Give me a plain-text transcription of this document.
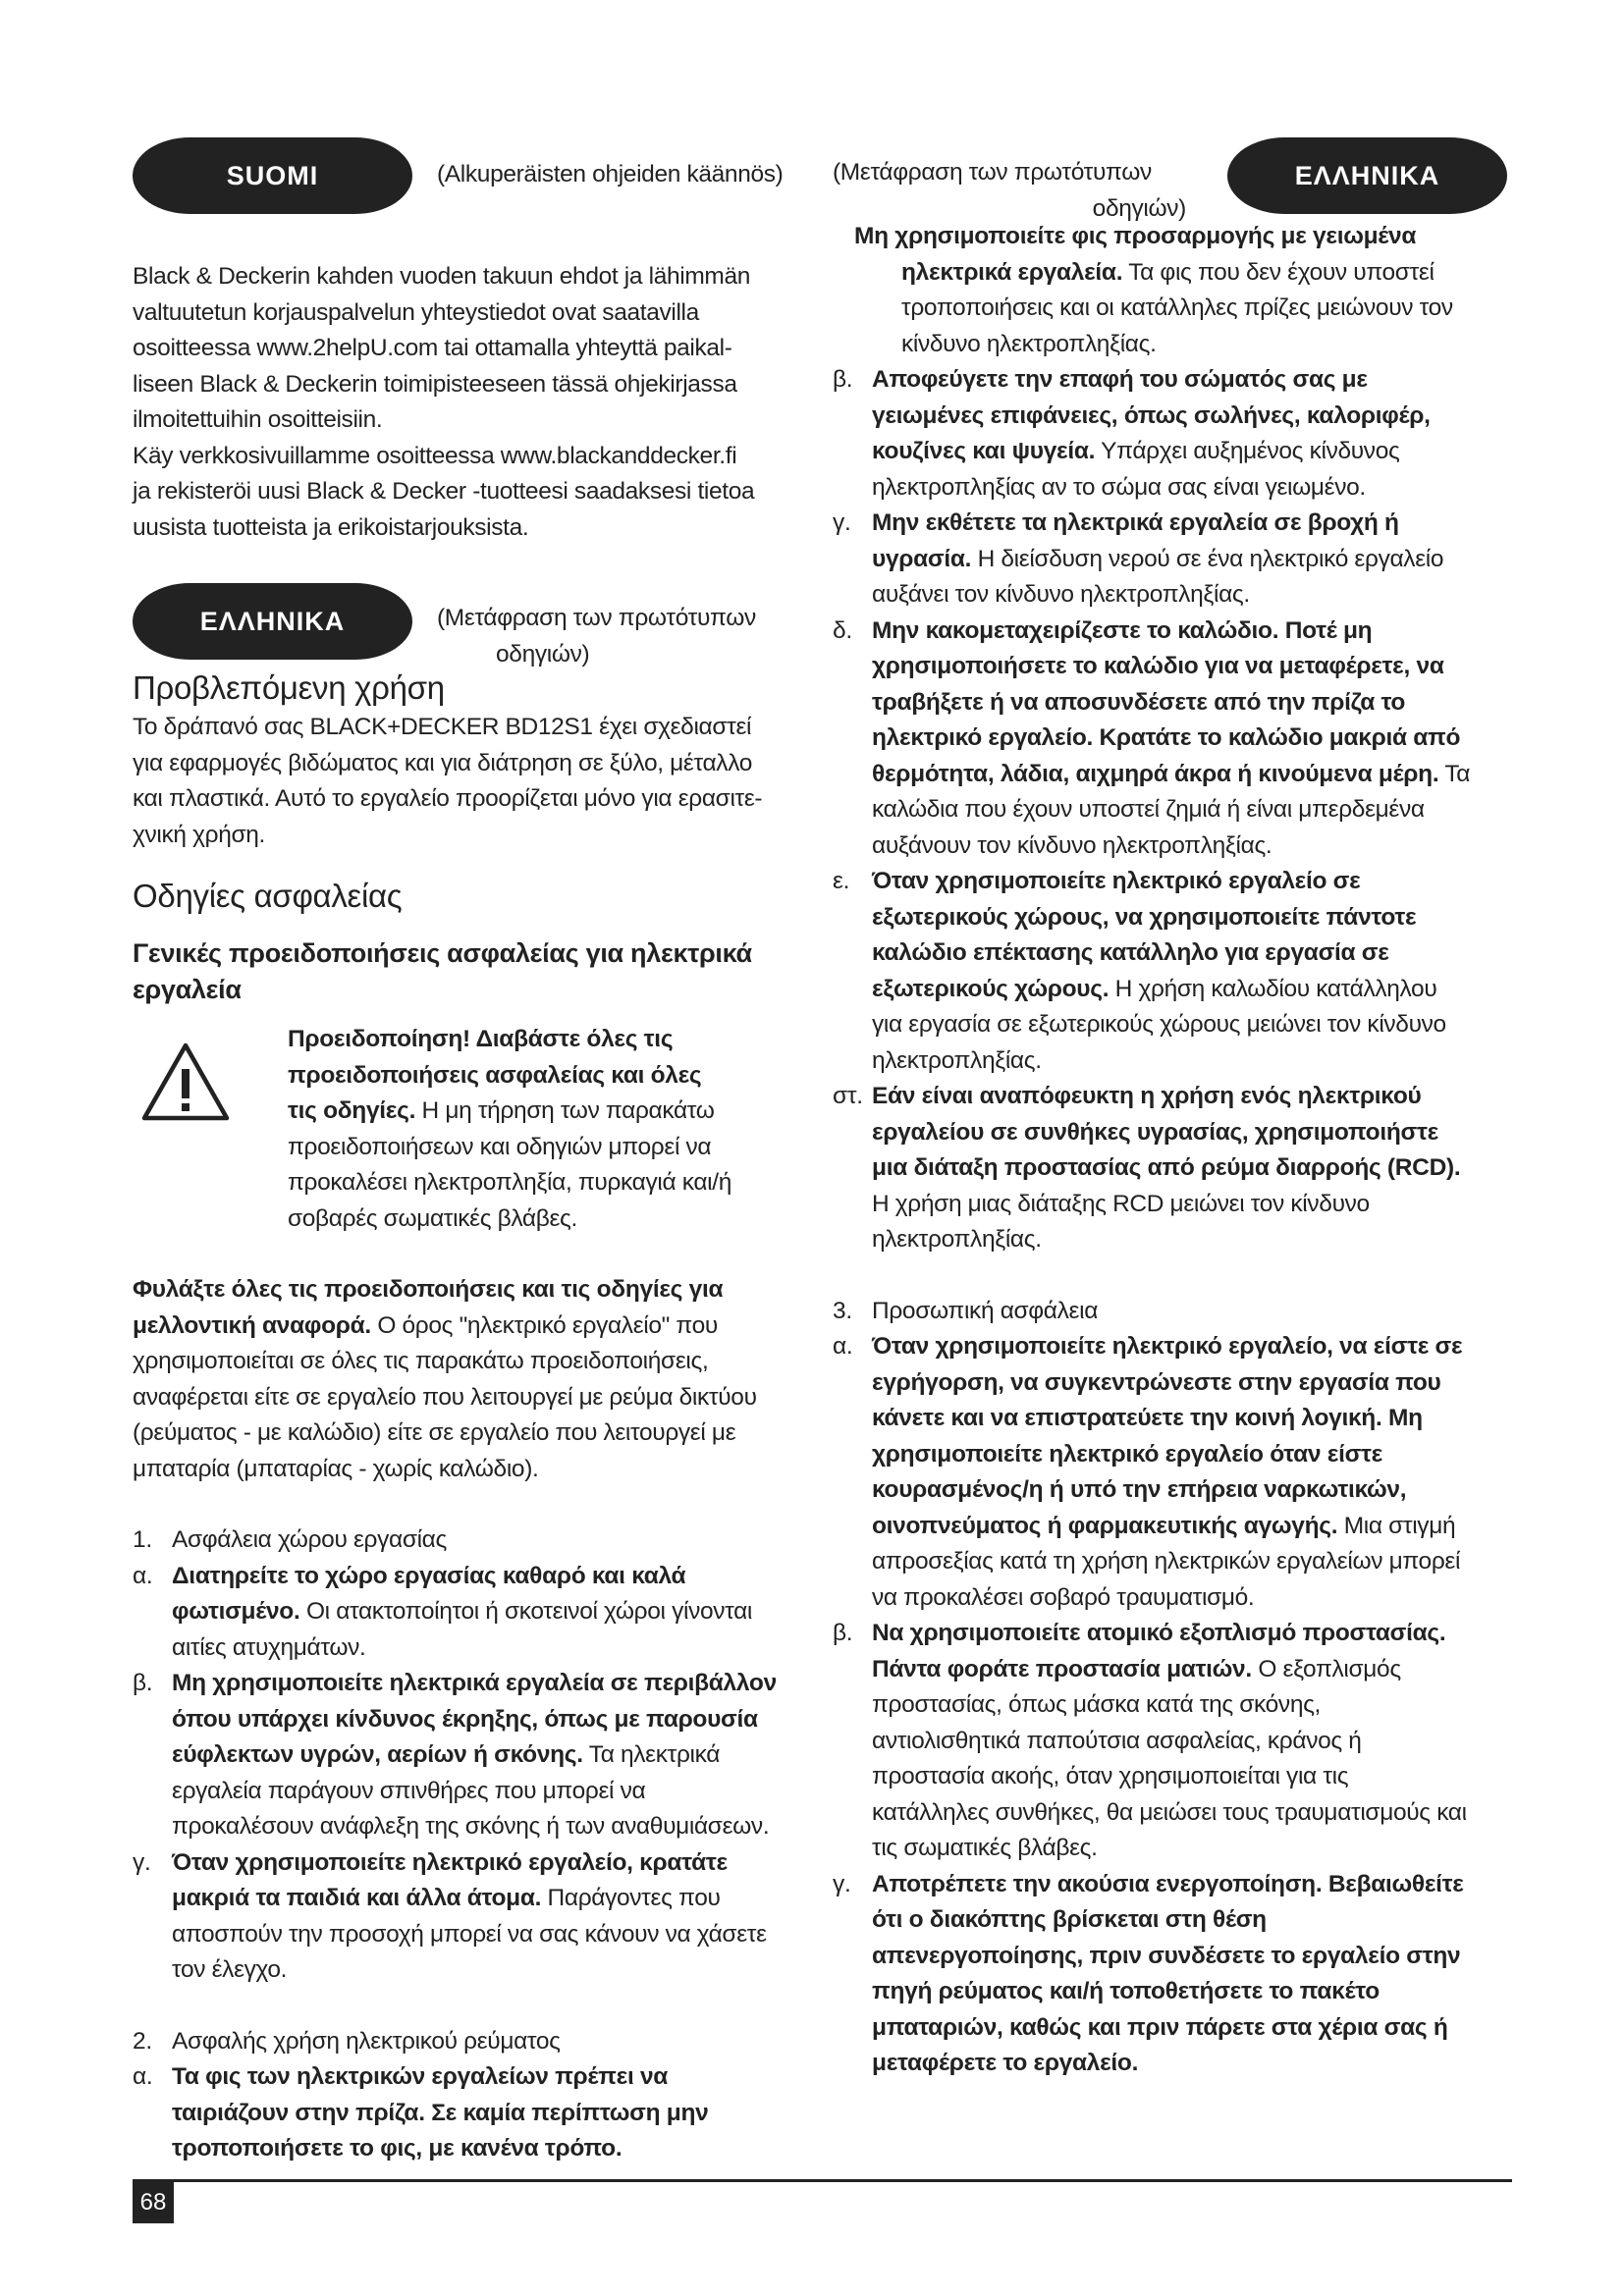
SUOMI	(Alkuperäisten ohjeiden käännös)

Black & Deckerin kahden vuoden takuun ehdot ja lähimmän

valtuutetun korjauspalvelun yhteystiedot ovat saatavilla

osoitteessa www.2helpU.com tai ottamalla yhteyttä paikal-

liseen Black & Deckerin toimipisteeseen tässä ohjekirjassa

ilmoitettuihin osoitteisiin.

Käy verkkosivuillamme osoitteessa www.blackanddecker.fi

ja rekisteröi uusi Black & Decker -tuotteesi saadaksesi tietoa

uusista tuotteista ja erikoistarjouksista.

ΕΛΛΗΝΙΚΑ	(Μετάφραση των πρωτότυπων
οδηγιών)
Προβλεπόμενη χρήση

Το δράπανό σας BLACK+DECKER BD12S1 έχει σχεδιαστεί

για εφαρμογές βιδώματος και για διάτρηση σε ξύλο, μέταλλο

και πλαστικά. Αυτό το εργαλείο προορίζεται μόνο για ερασιτε-

χνική χρήση.

Οδηγίες ασφαλείας
Γενικές προειδοποιήσεις ασφαλείας για ηλεκτρικά
εργαλεία

Προειδοποίηση! Διαβάστε όλες τις

προειδοποιήσεις ασφαλείας και όλες

τις οδηγίες. Η μη τήρηση των παρακάτω

προειδοποιήσεων και οδηγιών μπορεί να

προκαλέσει ηλεκτροπληξία, πυρκαγιά και/ή

σοβαρές σωματικές βλάβες.

Φυλάξτε όλες τις προειδοποιήσεις και τις οδηγίες για

μελλοντική αναφορά. Ο όρος "ηλεκτρικό εργαλείο" που

χρησιμοποιείται σε όλες τις παρακάτω προειδοποιήσεις,

αναφέρεται είτε σε εργαλείο που λειτουργεί με ρεύμα δικτύου

(ρεύματος - με καλώδιο) είτε σε εργαλείο που λειτουργεί με

μπαταρία (μπαταρίας - χωρίς καλώδιο).

1. Ασφάλεια χώρου εργασίας
α. Διατηρείτε το χώρο εργασίας καθαρό και καλά

φωτισμένο. Οι ατακτοποίητοι ή σκοτεινοί χώροι γίνονται

αιτίες ατυχημάτων.

β. Μη χρησιμοποιείτε ηλεκτρικά εργαλεία σε περιβάλλον

όπου υπάρχει κίνδυνος έκρηξης, όπως με παρουσία

εύφλεκτων υγρών, αερίων ή σκόνης. Τα ηλεκτρικά

εργαλεία παράγουν σπινθήρες που μπορεί να

προκαλέσουν ανάφλεξη της σκόνης ή των αναθυμιάσεων.

γ. Όταν χρησιμοποιείτε ηλεκτρικό εργαλείο, κρατάτε

μακριά τα παιδιά και άλλα άτομα. Παράγοντες που

αποσπούν την προσοχή μπορεί να σας κάνουν να χάσετε

τον έλεγχο.

2. Ασφαλής χρήση ηλεκτρικού ρεύματος
α. Τα φις των ηλεκτρικών εργαλείων πρέπει να

ταιριάζουν στην πρίζα. Σε καμία περίπτωση μην

τροποποιήσετε το φις, με κανένα τρόπο.

(Μετάφραση των πρωτότυπων
οδηγιών)
ΕΛΛΗΝΙΚΑ

Μη χρησιμοποιείτε φις προσαρμογής με γειωμένα

ηλεκτρικά εργαλεία. Τα φις που δεν έχουν υποστεί

τροποποιήσεις και οι κατάλληλες πρίζες μειώνουν τον

κίνδυνο ηλεκτροπληξίας.

β. Αποφεύγετε την επαφή του σώματός σας με

γειωμένες επιφάνειες, όπως σωλήνες, καλοριφέρ,

κουζίνες και ψυγεία. Υπάρχει αυξημένος κίνδυνος

ηλεκτροπληξίας αν το σώμα σας είναι γειωμένο.

γ. Μην εκθέτετε τα ηλεκτρικά εργαλεία σε βροχή ή

υγρασία. Η διείσδυση νερού σε ένα ηλεκτρικό εργαλείο

αυξάνει τον κίνδυνο ηλεκτροπληξίας.

δ. Μην κακομεταχειρίζεστε το καλώδιο. Ποτέ μη

χρησιμοποιήσετε το καλώδιο για να μεταφέρετε, να

τραβήξετε ή να αποσυνδέσετε από την πρίζα το

ηλεκτρικό εργαλείο. Κρατάτε το καλώδιο μακριά από

θερμότητα, λάδια, αιχμηρά άκρα ή κινούμενα μέρη. Τα

καλώδια που έχουν υποστεί ζημιά ή είναι μπερδεμένα

αυξάνουν τον κίνδυνο ηλεκτροπληξίας.

ε. Όταν χρησιμοποιείτε ηλεκτρικό εργαλείο σε

εξωτερικούς χώρους, να χρησιμοποιείτε πάντοτε

καλώδιο επέκτασης κατάλληλο για εργασία σε

εξωτερικούς χώρους. Η χρήση καλωδίου κατάλληλου

για εργασία σε εξωτερικούς χώρους μειώνει τον κίνδυνο

ηλεκτροπληξίας.

στ. Εάν είναι αναπόφευκτη η χρήση ενός ηλεκτρικού

εργαλείου σε συνθήκες υγρασίας, χρησιμοποιήστε

μια διάταξη προστασίας από ρεύμα διαρροής (RCD).

Η χρήση μιας διάταξης RCD μειώνει τον κίνδυνο

ηλεκτροπληξίας.

3. Προσωπική ασφάλεια
α. Όταν χρησιμοποιείτε ηλεκτρικό εργαλείο, να είστε σε

εγρήγορση, να συγκεντρώνεστε στην εργασία που

κάνετε και να επιστρατεύετε την κοινή λογική. Μη

χρησιμοποιείτε ηλεκτρικό εργαλείο όταν είστε

κουρασμένος/η ή υπό την επήρεια ναρκωτικών,

οινοπνεύματος ή φαρμακευτικής αγωγής. Μια στιγμή

απροσεξίας κατά τη χρήση ηλεκτρικών εργαλείων μπορεί

να προκαλέσει σοβαρό τραυματισμό.

β. Να χρησιμοποιείτε ατομικό εξοπλισμό προστασίας.

Πάντα φοράτε προστασία ματιών. Ο εξοπλισμός

προστασίας, όπως μάσκα κατά της σκόνης,

αντιολισθητικά παπούτσια ασφαλείας, κράνος ή

προστασία ακοής, όταν χρησιμοποιείται για τις

κατάλληλες συνθήκες, θα μειώσει τους τραυματισμούς και

τις σωματικές βλάβες.

γ. Αποτρέπετε την ακούσια ενεργοποίηση. Βεβαιωθείτε

ότι ο διακόπτης βρίσκεται στη θέση

απενεργοποίησης, πριν συνδέσετε το εργαλείο στην

πηγή ρεύματος και/ή τοποθετήσετε το πακέτο

μπαταριών, καθώς και πριν πάρετε στα χέρια σας ή

μεταφέρετε το εργαλείο.

68
